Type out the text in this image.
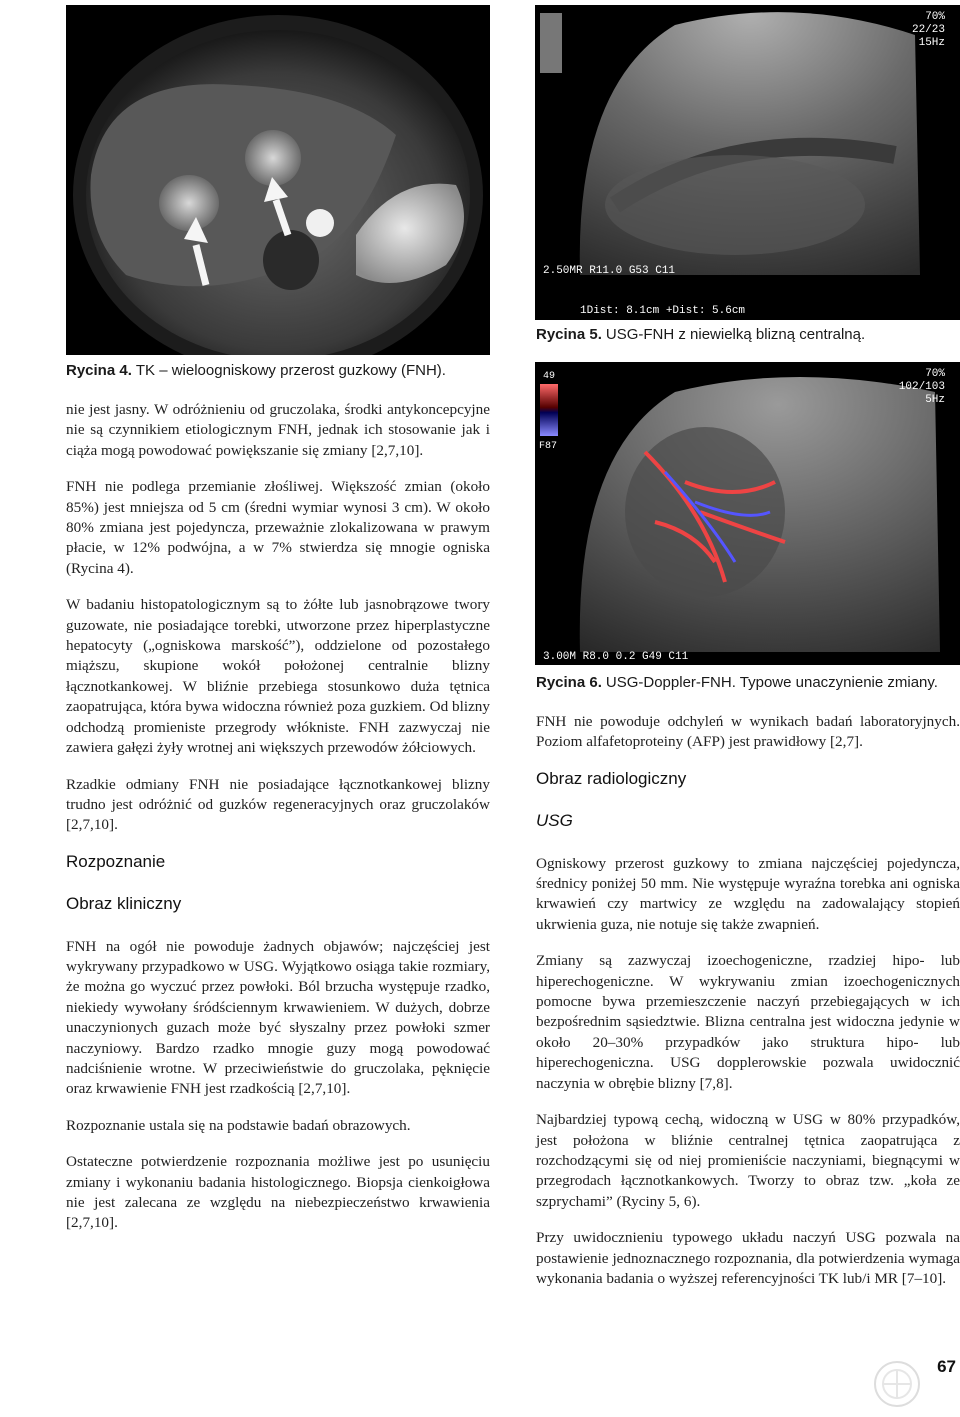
Rycina 4. TK – wieloogniskowy przerost guzkowy (FNH).
70%
22/23
15Hz
2.50MR R11.0 G53 C11
1Dist: 8.1cm +Dist: 5.6cm
Rycina 5. USG-FNH z niewielką blizną centralną.
70%
102/103
5Hz
49
F87
3.00M R8.0 0.2 G49 C11
Rycina 6. USG-Doppler-FNH. Typowe unaczynienie zmiany.

nie jest jasny. W odróżnieniu od gruczolaka, środki antykoncepcyjne nie są czynnikiem etiologicznym FNH, jednak ich stosowanie jak i ciąża mogą powodować powiększanie się zmiany [2,7,10].

FNH nie podlega przemianie złośliwej. Większość zmian (około 85%) jest mniejsza od 5 cm (średni wymiar wynosi 3 cm). W około 80% zmiana jest pojedyncza, przeważnie zlokalizowana w prawym płacie, w 12% podwójna, a w 7% stwierdza się mnogie ogniska (Rycina 4).

W badaniu histopatologicznym są to żółte lub jasnobrązowe twory guzowate, nie posiadające torebki, utworzone przez hiperplastyczne hepatocyty („ogniskowa marskość”), oddzielone od pozostałego miąższu, skupione wokół położonej centralnie blizny łącznotkankowej. W bliźnie przebiega stosunkowo duża tętnica zaopatrująca, która bywa widoczna również poza guzkiem. Od blizny odchodzą promieniste przegrody włókniste. FNH zazwyczaj nie zawiera gałęzi żyły wrotnej ani większych przewodów żółciowych.

Rzadkie odmiany FNH nie posiadające łącznotkankowej blizny trudno jest odróżnić od guzków regeneracyjnych oraz gruczolaków [2,7,10].

Rozpoznanie
Obraz kliniczny

FNH na ogół nie powoduje żadnych objawów; najczęściej jest wykrywany przypadkowo w USG. Wyjątkowo osiąga takie rozmiary, że można go wyczuć przez powłoki. Ból brzucha występuje rzadko, niekiedy wywołany śródściennym krwawieniem. W dużych, dobrze unaczynionych guzach może być słyszalny przez powłoki szmer naczyniowy. Bardzo rzadko mnogie guzy mogą powodować nadciśnienie wrotne. W przeciwieństwie do gruczolaka, pęknięcie oraz krwawienie FNH jest rzadkością [2,7,10].

Rozpoznanie ustala się na podstawie badań obrazowych.

Ostateczne potwierdzenie rozpoznania możliwe jest po usunięciu zmiany i wykonaniu badania histologicznego. Biopsja cienkoigłowa nie jest zalecana ze względu na niebezpieczeństwo krwawienia [2,7,10].

FNH nie powoduje odchyleń w wynikach badań laboratoryjnych. Poziom alfafetoproteiny (AFP) jest prawidłowy [2,7].

Obraz radiologiczny
USG

Ogniskowy przerost guzkowy to zmiana najczęściej pojedyncza, średnicy poniżej 50 mm. Nie występuje wyraźna torebka ani ogniska krwawień czy martwicy ze względu na zadowalający stopień ukrwienia guza, nie notuje się także zwapnień.

Zmiany są zazwyczaj izoechogeniczne, rzadziej hipo- lub hiperechogeniczne. W wykrywaniu zmian izoechogenicznych pomocne bywa przemieszczenie naczyń przebiegających w ich bezpośrednim sąsiedztwie. Blizna centralna jest widoczna jedynie w około 20–30% przypadków jako struktura hipo- lub hiperechogeniczna. USG dopplerowskie pozwala uwidocznić naczynia w obrębie blizny [7,8].

Najbardziej typową cechą, widoczną w USG w 80% przypadków, jest położona w bliźnie centralnej tętnica zaopatrująca z rozchodzącymi się od niej promieniście naczyniami, biegnącymi w przegrodach łącznotkankowych. Tworzy to obraz tzw. „koła ze szprychami” (Ryciny 5, 6).

Przy uwidocznieniu typowego układu naczyń USG pozwala na postawienie jednoznacznego rozpoznania, dla potwierdzenia wymaga wykonania badania o wyższej referencyjności TK lub/i MR [7–10].

67
